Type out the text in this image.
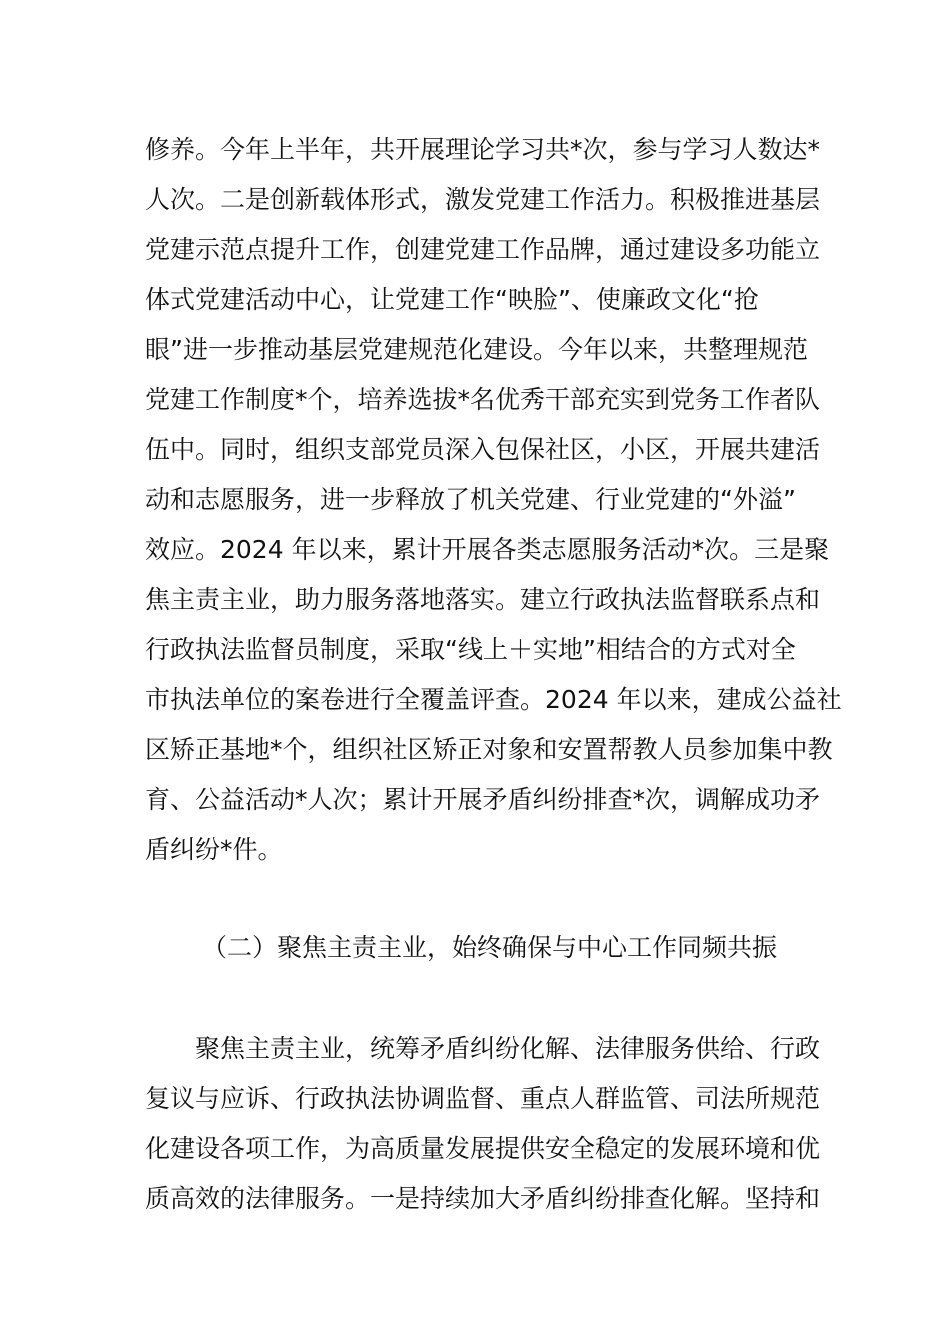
修养。今年上半年，共开展理论学习共*次，参与学习人数达*
人次。二是创新载体形式，激发党建工作活力。积极推进基层
党建示范点提升工作，创建党建工作品牌，通过建设多功能立
体式党建活动中心，让党建工作“映脸”、使廉政文化“抢
眼”进一步推动基层党建规范化建设。今年以来，共整理规范
党建工作制度*个，培养选拔*名优秀干部充实到党务工作者队
伍中。同时，组织支部党员深入包保社区，小区，开展共建活
动和志愿服务，进一步释放了机关党建、行业党建的“外溢”
效应。2024 年以来，累计开展各类志愿服务活动*次。三是聚
焦主责主业，助力服务落地落实。建立行政执法监督联系点和
行政执法监督员制度，采取“线上＋实地”相结合的方式对全
市执法单位的案卷进行全覆盖评查。2024 年以来，建成公益社
区矫正基地*个，组织社区矫正对象和安置帮教人员参加集中教
育、公益活动*人次；累计开展矛盾纠纷排查*次，调解成功矛
盾纠纷*件。
（二）聚焦主责主业，始终确保与中心工作同频共振
　　聚焦主责主业，统筹矛盾纠纷化解、法律服务供给、行政
复议与应诉、行政执法协调监督、重点人群监管、司法所规范
化建设各项工作，为高质量发展提供安全稳定的发展环境和优
质高效的法律服务。一是持续加大矛盾纠纷排查化解。坚持和
